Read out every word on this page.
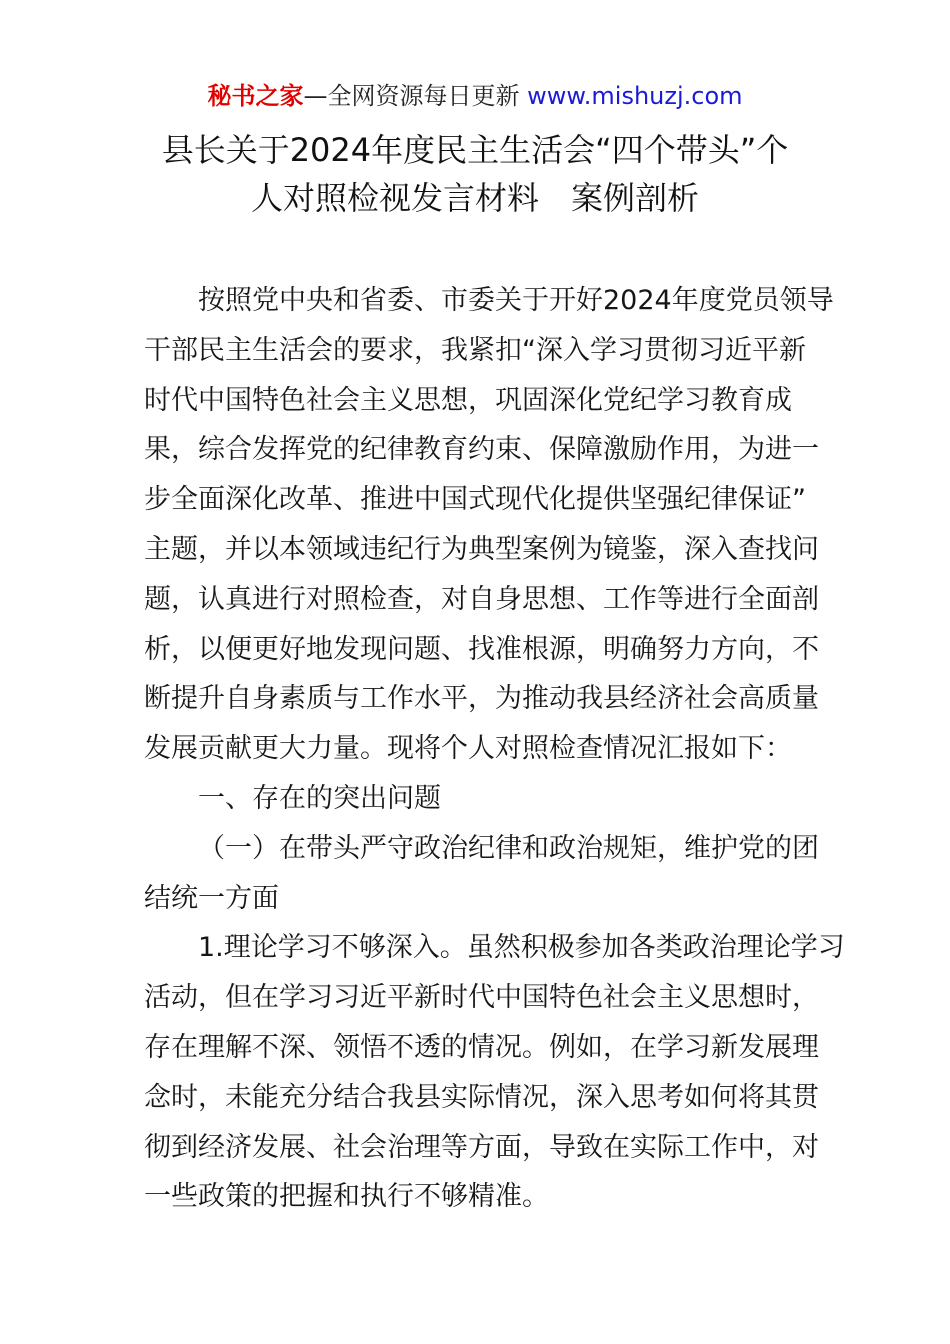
秘书之家—全网资源每日更新 www.mishuzj.com
县长关于2024年度民主生活会“四个带头”个
人对照检视发言材料　案例剖析
按照党中央和省委、市委关于开好2024年度党员领导
干部民主生活会的要求，我紧扣“深入学习贯彻习近平新
时代中国特色社会主义思想，巩固深化党纪学习教育成
果，综合发挥党的纪律教育约束、保障激励作用，为进一
步全面深化改革、推进中国式现代化提供坚强纪律保证”
主题，并以本领域违纪行为典型案例为镜鉴，深入查找问
题，认真进行对照检查，对自身思想、工作等进行全面剖
析，以便更好地发现问题、找准根源，明确努力方向，不
断提升自身素质与工作水平，为推动我县经济社会高质量
发展贡献更大力量。现将个人对照检查情况汇报如下：
一、存在的突出问题
（一）在带头严守政治纪律和政治规矩，维护党的团
结统一方面
1.理论学习不够深入。虽然积极参加各类政治理论学习
活动，但在学习习近平新时代中国特色社会主义思想时，
存在理解不深、领悟不透的情况。例如，在学习新发展理
念时，未能充分结合我县实际情况，深入思考如何将其贯
彻到经济发展、社会治理等方面，导致在实际工作中，对
一些政策的把握和执行不够精准。
